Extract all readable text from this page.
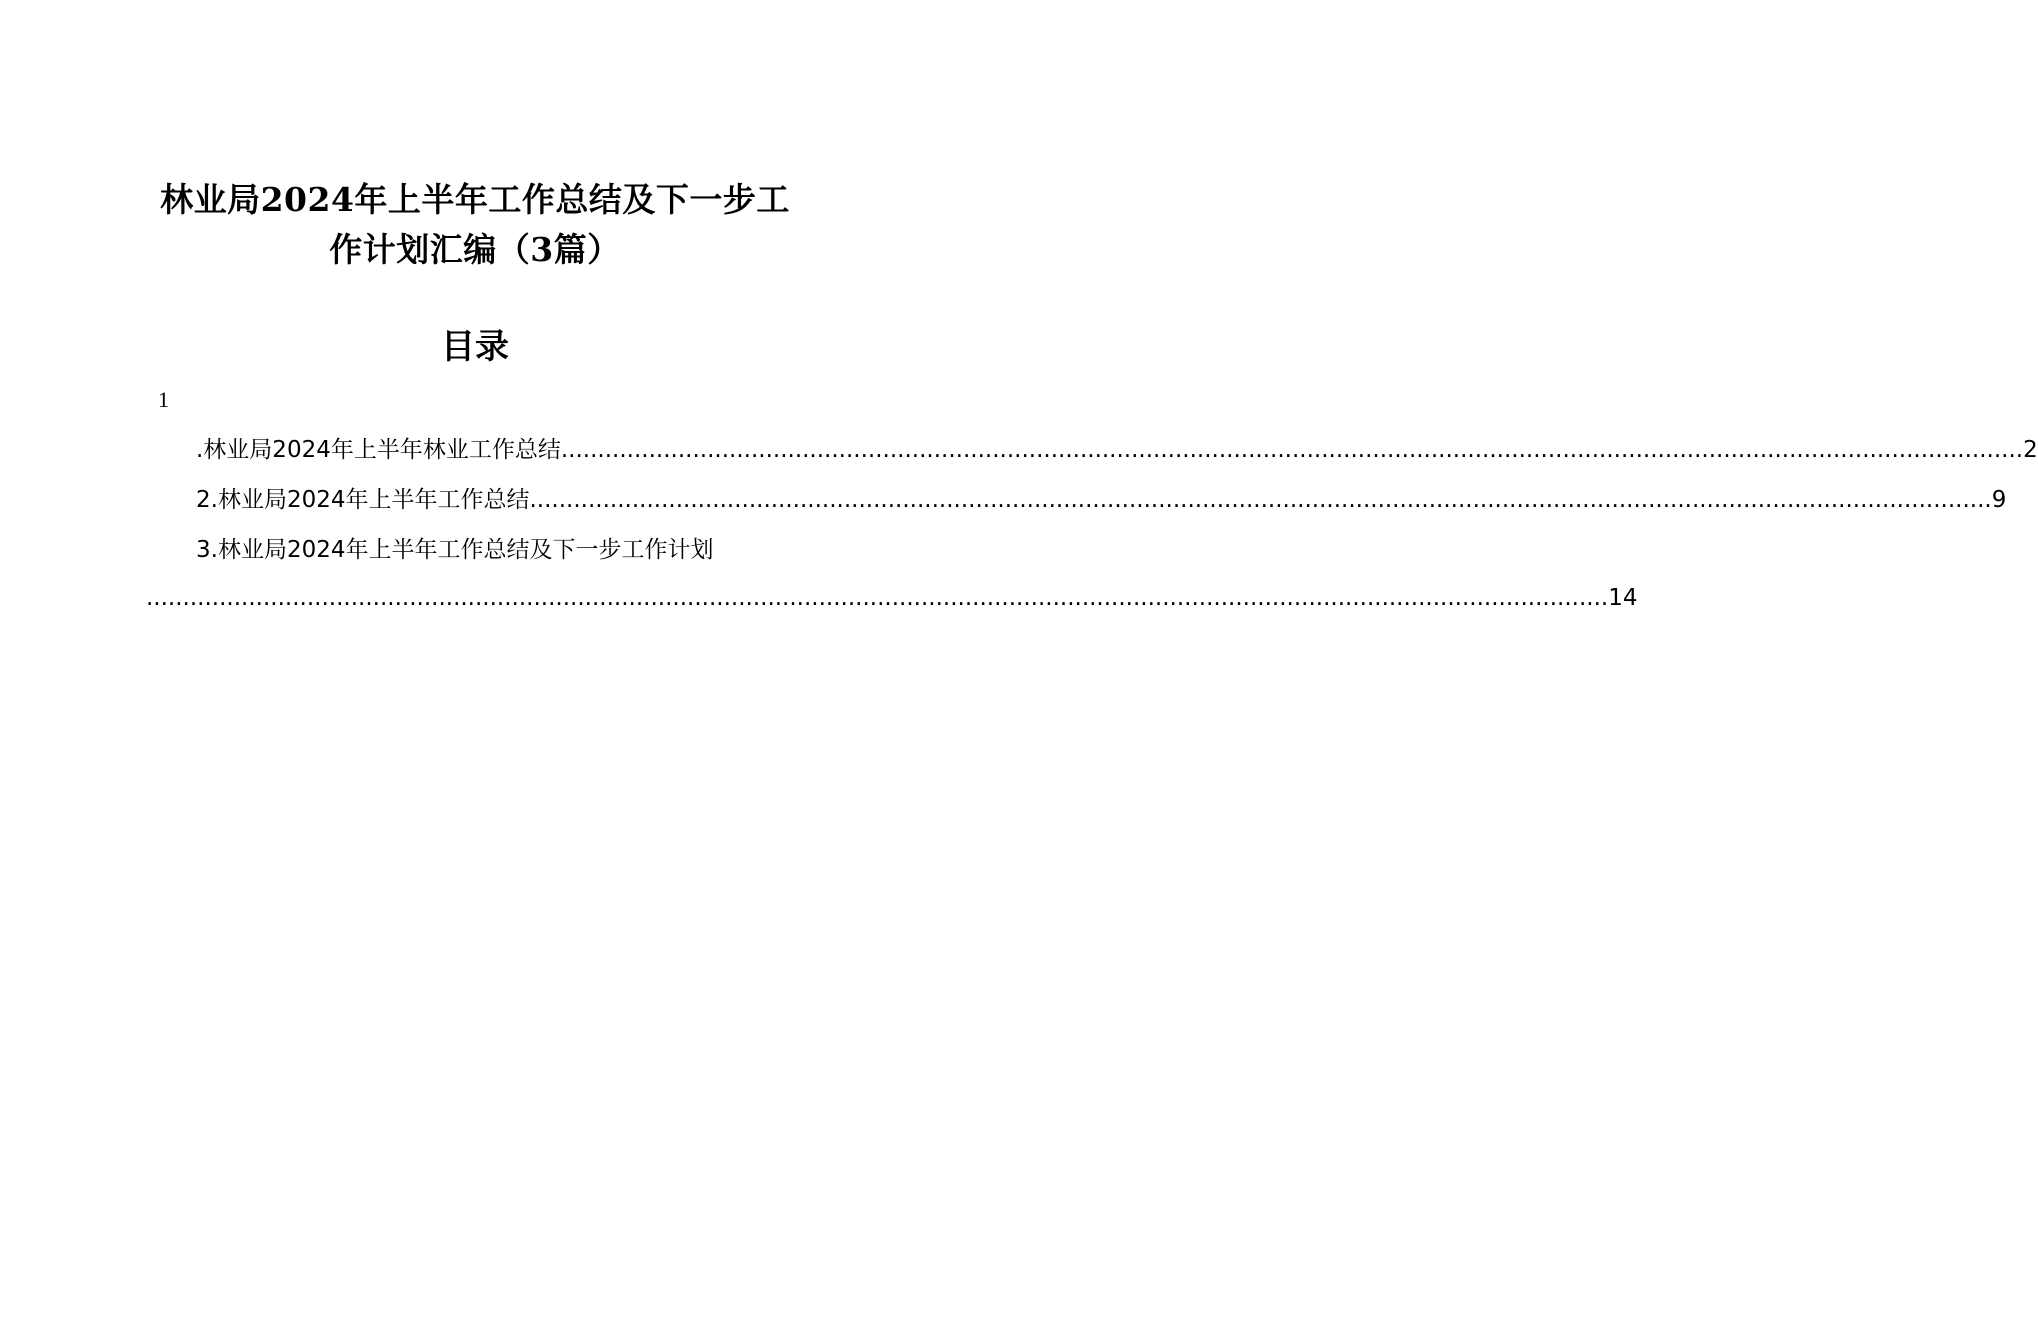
林业局2024年上半年工作总结及下一步工
作计划汇编（3篇）
目录
1
.林业局2024年上半年林业工作总结 ........................................................................................................................................................................................................ 2
2.林业局2024年上半年工作总结 ........................................................................................................................................................................................................ 9
3.林业局2024年上半年工作总结及下一步工作计划
........................................................................................................................................................................................................ 14
